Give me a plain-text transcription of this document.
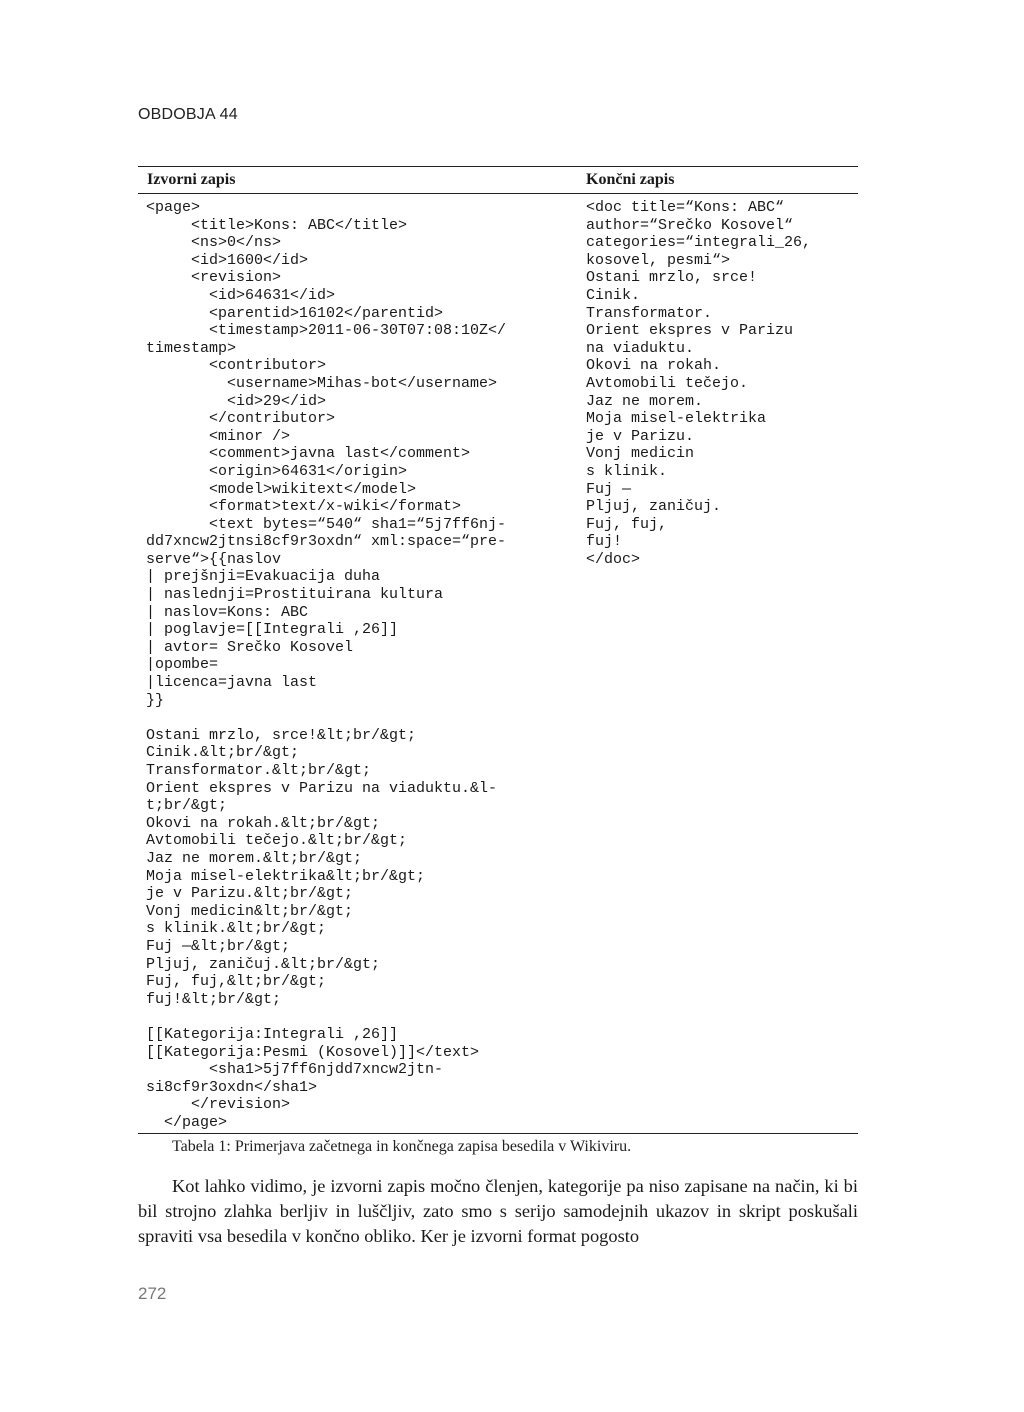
OBDOBJA 44
Izvorni zapis	Končni zapis
<page>
<title>Kons: ABC</title>
<ns>0</ns>
<id>1600</id>
<revision>
<id>64631</id>
<parentid>16102</parentid>
<timestamp>2011-06-30T07:08:10Z</
timestamp>
<contributor>
<username>Mihas-bot</username>
<id>29</id>
</contributor>
<minor />
<comment>javna last</comment>
<origin>64631</origin>
<model>wikitext</model>
<format>text/x-wiki</format>
<text bytes=“540“ sha1=“5j7ff6nj-
dd7xncw2jtnsi8cf9r3oxdn“ xml:space=“pre-
serve“>{{naslov
| prejšnji=Evakuacija duha
| naslednji=Prostituirana kultura
| naslov=Kons: ABC
| poglavje=[[Integrali ,26]]
| avtor= Srečko Kosovel
|opombe=
|licenca=javna last
}}

Ostani mrzlo, srce!&lt;br/&gt;
Cinik.&lt;br/&gt;
Transformator.&lt;br/&gt;
Orient ekspres v Parizu na viaduktu.&l-
t;br/&gt;
Okovi na rokah.&lt;br/&gt;
Avtomobili tečejo.&lt;br/&gt;
Jaz ne morem.&lt;br/&gt;
Moja misel-elektrika&lt;br/&gt;
je v Parizu.&lt;br/&gt;
Vonj medicin&lt;br/&gt;
s klinik.&lt;br/&gt;
Fuj —&lt;br/&gt;
Pljuj, zaničuj.&lt;br/&gt;
Fuj, fuj,&lt;br/&gt;
fuj!&lt;br/&gt;

[[Kategorija:Integrali ,26]]
[[Kategorija:Pesmi (Kosovel)]]</text>
<sha1>5j7ff6njdd7xncw2jtn-
si8cf9r3oxdn</sha1>
</revision>
</page>
<doc title=“Kons: ABC“
author=“Srečko Kosovel“
categories=“integrali_26,
kosovel, pesmi“>
Ostani mrzlo, srce!
Cinik.
Transformator.
Orient ekspres v Parizu
na viaduktu.
Okovi na rokah.
Avtomobili tečejo.
Jaz ne morem.
Moja misel-elektrika
je v Parizu.
Vonj medicin
s klinik.
Fuj —
Pljuj, zaničuj.
Fuj, fuj,
fuj!
</doc>
Tabela 1: Primerjava začetnega in končnega zapisa besedila v Wikiviru.

Kot lahko vidimo, je izvorni zapis močno členjen, kategorije pa niso zapisane na način, ki bi bil strojno zlahka berljiv in luščljiv, zato smo s serijo samodejnih ukazov in skript poskušali spraviti vsa besedila v končno obliko. Ker je izvorni format pogosto

272
